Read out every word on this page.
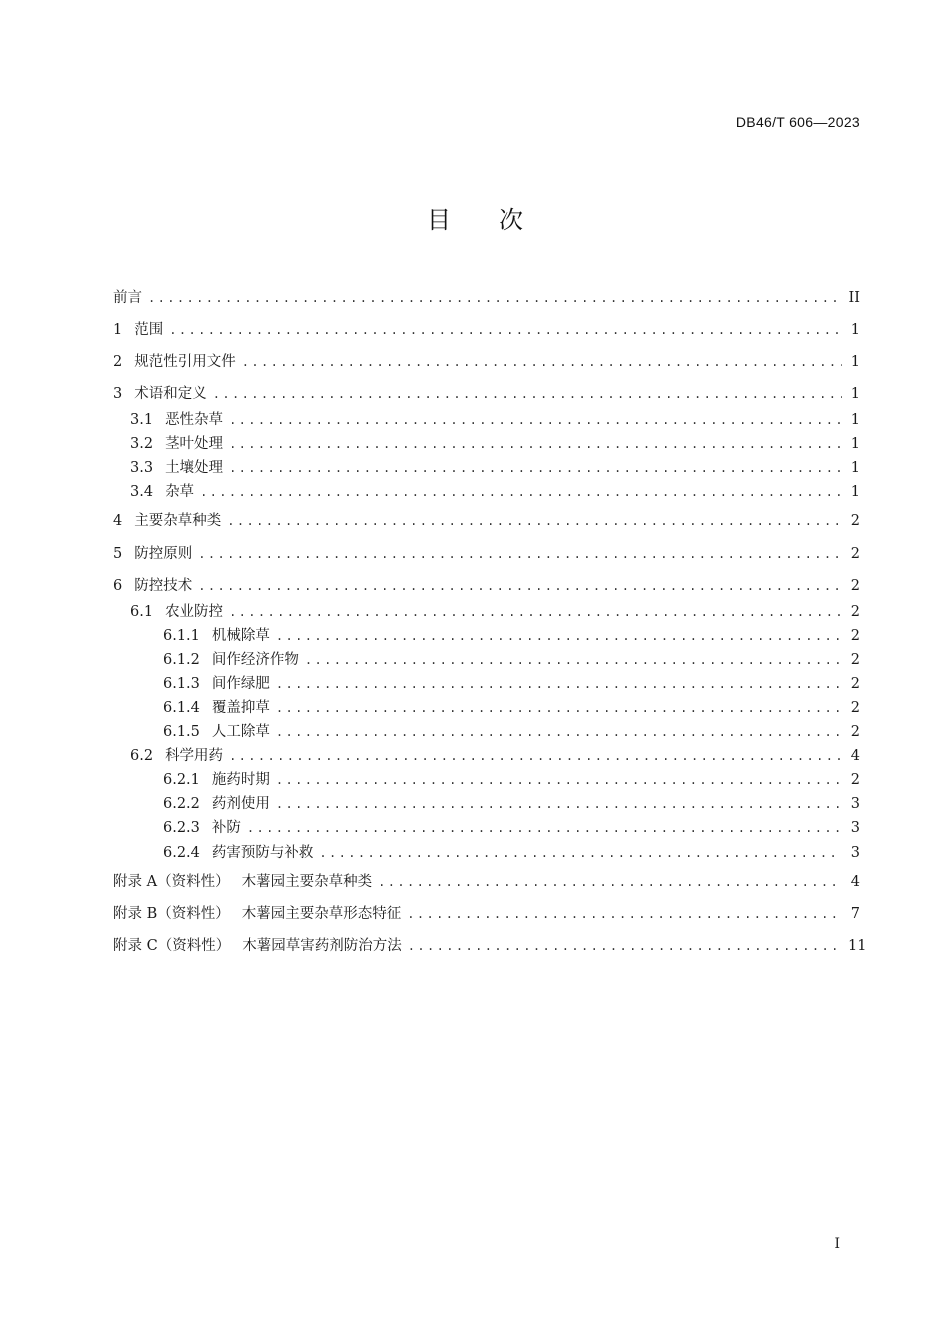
DB46/T 606—2023
目　　次
前言 .....	II
1 范围 .....	1
2 规范性引用文件 .....	1
3 术语和定义 .....	1
3.1 恶性杂草 .....	1
3.2 茎叶处理 .....	1
3.3 土壤处理 .....	1
3.4 杂草 .....	1
4 主要杂草种类 .....	2
5 防控原则 .....	2
6 防控技术 .....	2
6.1 农业防控 .....	2
6.1.1 机械除草 .....	2
6.1.2 间作经济作物 .....	2
6.1.3 间作绿肥 .....	2
6.1.4 覆盖抑草 .....	2
6.1.5 人工除草 .....	2
6.2 科学用药 .....	4
6.2.1 施药时期 .....	2
6.2.2 药剂使用 .....	3
6.2.3 补防 .....	3
6.2.4 药害预防与补救 .....	3
附录 A（资料性） 木薯园主要杂草种类 .....	4
附录 B（资料性） 木薯园主要杂草形态特征 .....	7
附录 C（资料性） 木薯园草害药剂防治方法 .....	11
I
